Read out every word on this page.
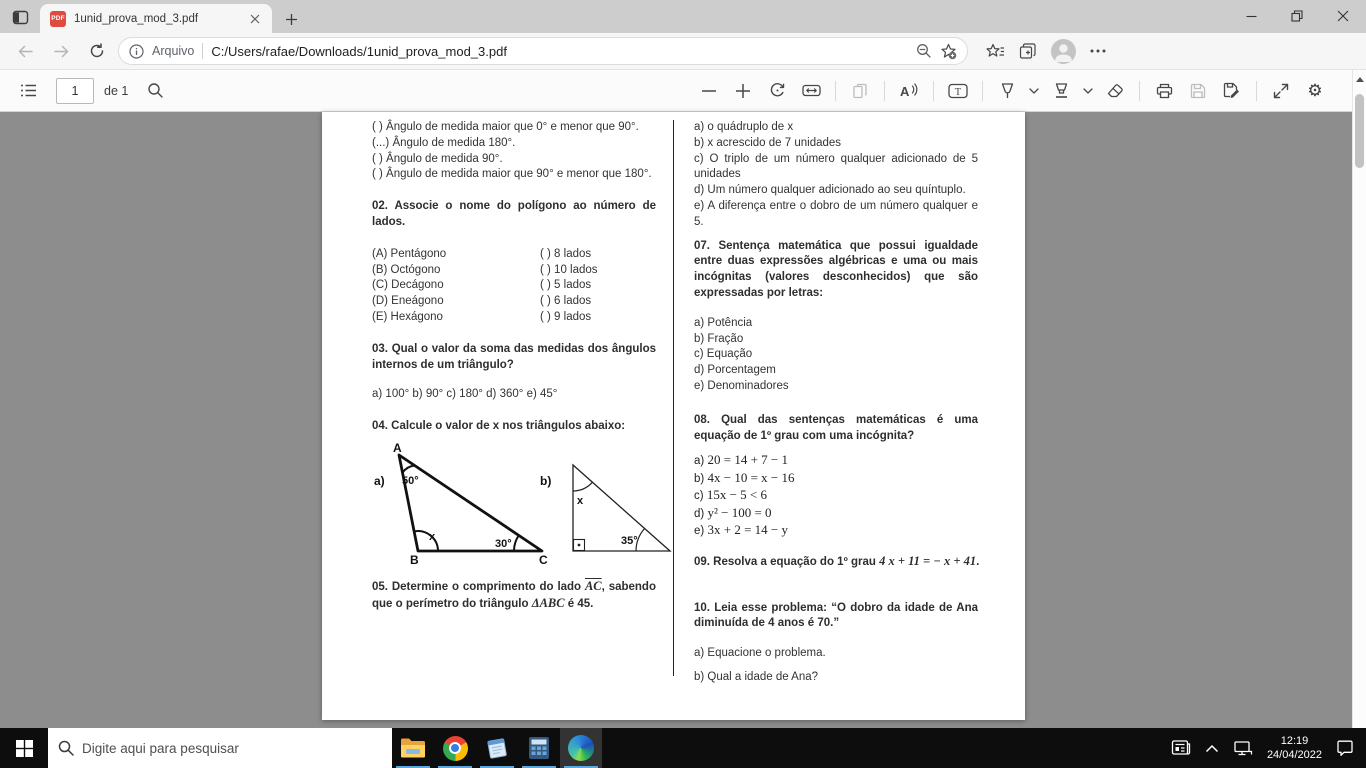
PDF 1unid_prova_mod_3.pdf
Arquivo C:/Users/rafae/Downloads/1unid_prova_mod_3.pdf
1
de 1	A	T	⚙
( ) Ângulo de medida maior que 0° e menor que 90°.
(...) Ângulo de medida 180°.
( ) Ângulo de medida 90°.
( ) Ângulo de medida maior que 90° e menor que 180°.
02. Associe o nome do polígono ao número de lados.
(A) Pentágono	( ) 8 lados
(B) Octógono	( ) 10 lados
(C) Decágono	( ) 5 lados
(D) Eneágono	( ) 6 lados
(E) Hexágono	( ) 9 lados
03. Qual o valor da soma das medidas dos ângulos internos de um triângulo?
a) 100° b) 90° c) 180° d) 360° e) 45°
04. Calcule o valor de x nos triângulos abaixo:
a)
A
B	C
50°
x
30°
b)
x
35°
05. Determine o comprimento do lado $\overline{AC}$, sabendo que o perímetro do triângulo ΔABC é 45.
a) o quádruplo de x
b) x acrescido de 7 unidades
c) O triplo de um número qualquer adicionado de 5 unidades
d) Um número qualquer adicionado ao seu quíntuplo.
e) A diferença entre o dobro de um número qualquer e 5.
07. Sentença matemática que possui igualdade entre duas expressões algébricas e uma ou mais incógnitas (valores desconhecidos) que são expressadas por letras:
a) Potência
b) Fração
c) Equação
d) Porcentagem
e) Denominadores
08. Qual das sentenças matemáticas é uma equação de 1º grau com uma incógnita?
a) 20 = 14 + 7 − 1
b) 4x − 10 = x − 16
c) 15x − 5 < 6
d) y² − 100 = 0
e) 3x + 2 = 14 − y
09. Resolva a equação do 1º grau 4 x + 11 = − x + 41.
10. Leia esse problema: “O dobro da idade de Ana diminuída de 4 anos é 70.”
a) Equacione o problema.
b) Qual a idade de Ana?
Digite aqui para pesquisar
12:19
24/04/2022
